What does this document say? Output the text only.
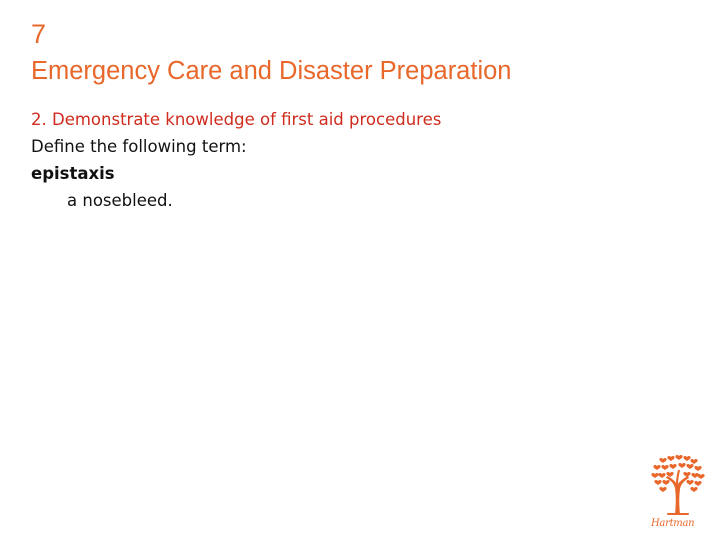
7
Emergency Care and Disaster Preparation
2. Demonstrate knowledge of first aid procedures
Define the following term:
epistaxis
a nosebleed.
Hartman
